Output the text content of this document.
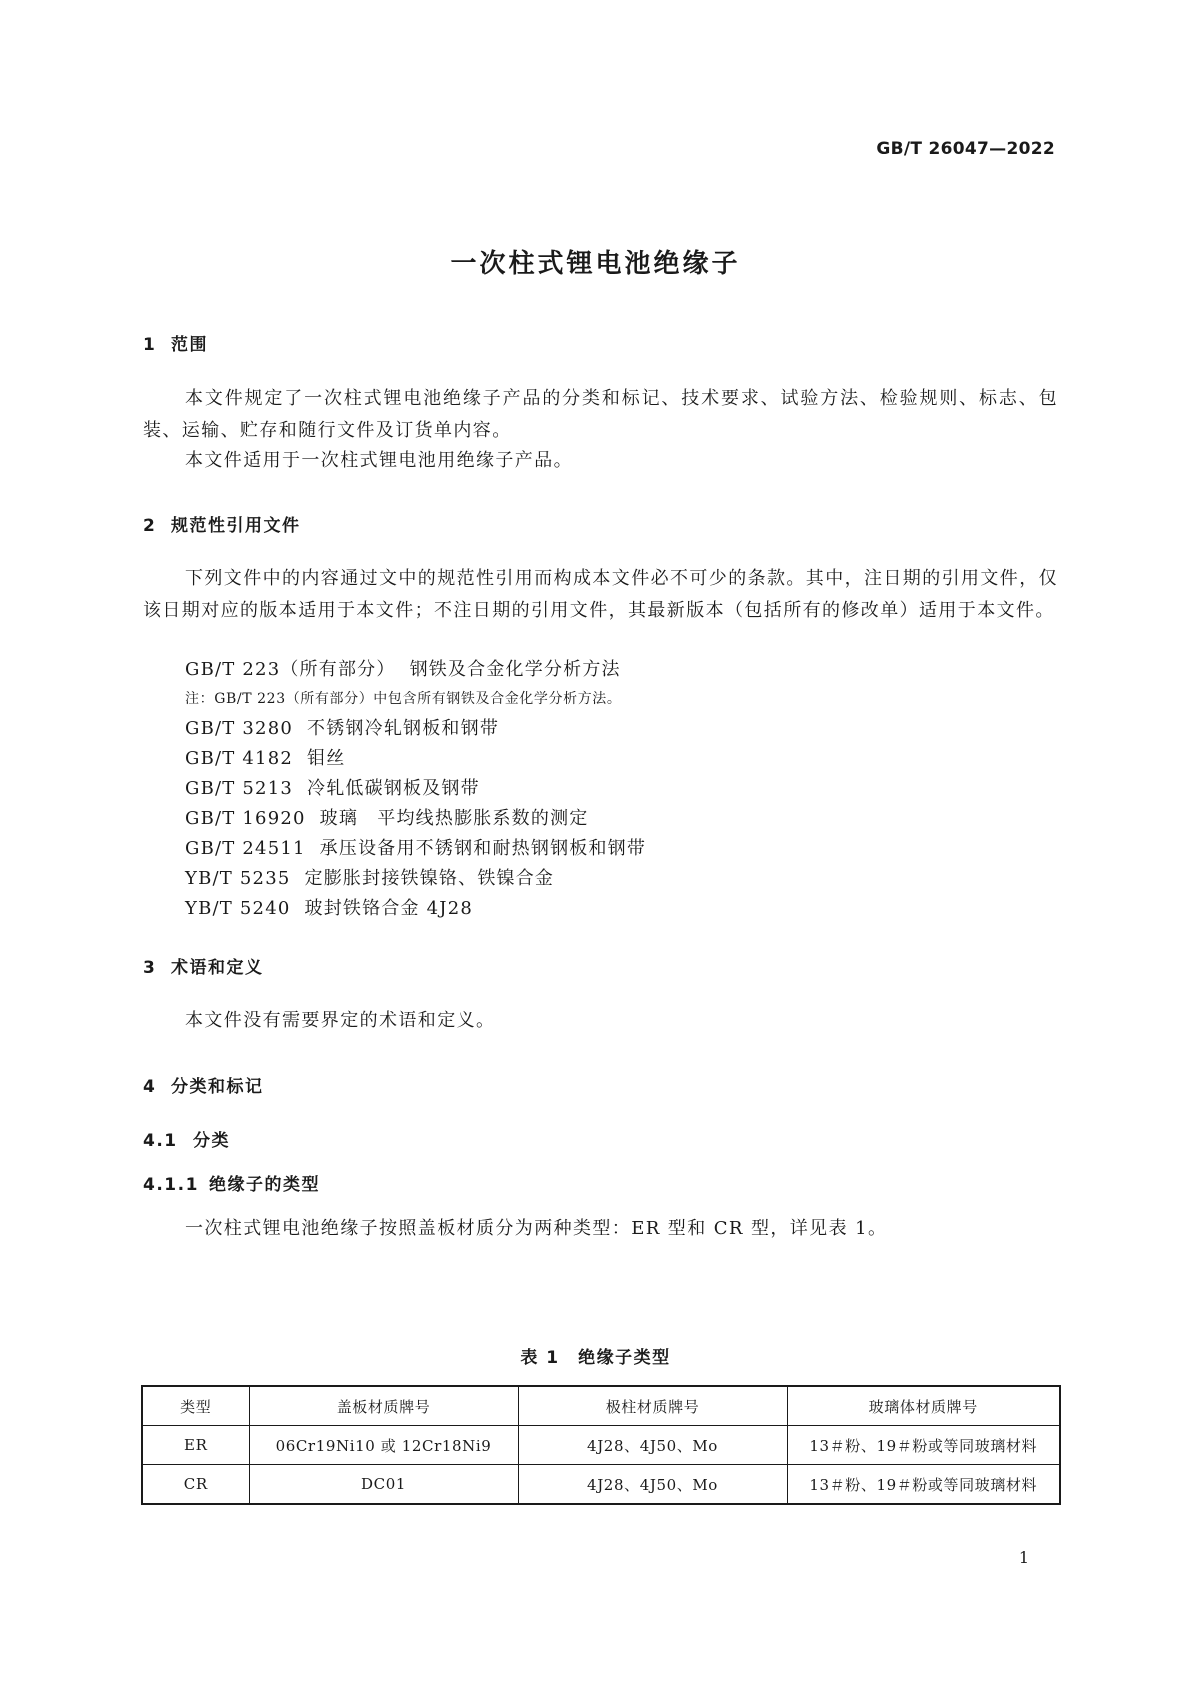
GB/T 26047—2022
一次柱式锂电池绝缘子
1 范围
本文件规定了一次柱式锂电池绝缘子产品的分类和标记、技术要求、试验方法、检验规则、标志、包装、运输、贮存和随行文件及订货单内容。
本文件适用于一次柱式锂电池用绝缘子产品。
2 规范性引用文件
下列文件中的内容通过文中的规范性引用而构成本文件必不可少的条款。其中，注日期的引用文件，仅该日期对应的版本适用于本文件；不注日期的引用文件，其最新版本（包括所有的修改单）适用于本文件。
GB/T 223（所有部分） 钢铁及合金化学分析方法
注：GB/T 223（所有部分）中包含所有钢铁及合金化学分析方法。
GB/T 3280 不锈钢冷轧钢板和钢带
GB/T 4182 钼丝
GB/T 5213 冷轧低碳钢板及钢带
GB/T 16920 玻璃　平均线热膨胀系数的测定
GB/T 24511 承压设备用不锈钢和耐热钢钢板和钢带
YB/T 5235 定膨胀封接铁镍铬、铁镍合金
YB/T 5240 玻封铁铬合金 4J28
3 术语和定义
本文件没有需要界定的术语和定义。
4 分类和标记
4.1 分类
4.1.1 绝缘子的类型
一次柱式锂电池绝缘子按照盖板材质分为两种类型：ER 型和 CR 型，详见表 1。
表 1　绝缘子类型
类型	盖板材质牌号	极柱材质牌号	玻璃体材质牌号
ER	06Cr19Ni10 或 12Cr18Ni9	4J28、4J50、Mo	13＃粉、19＃粉或等同玻璃材料
CR	DC01	4J28、4J50、Mo	13＃粉、19＃粉或等同玻璃材料
1
